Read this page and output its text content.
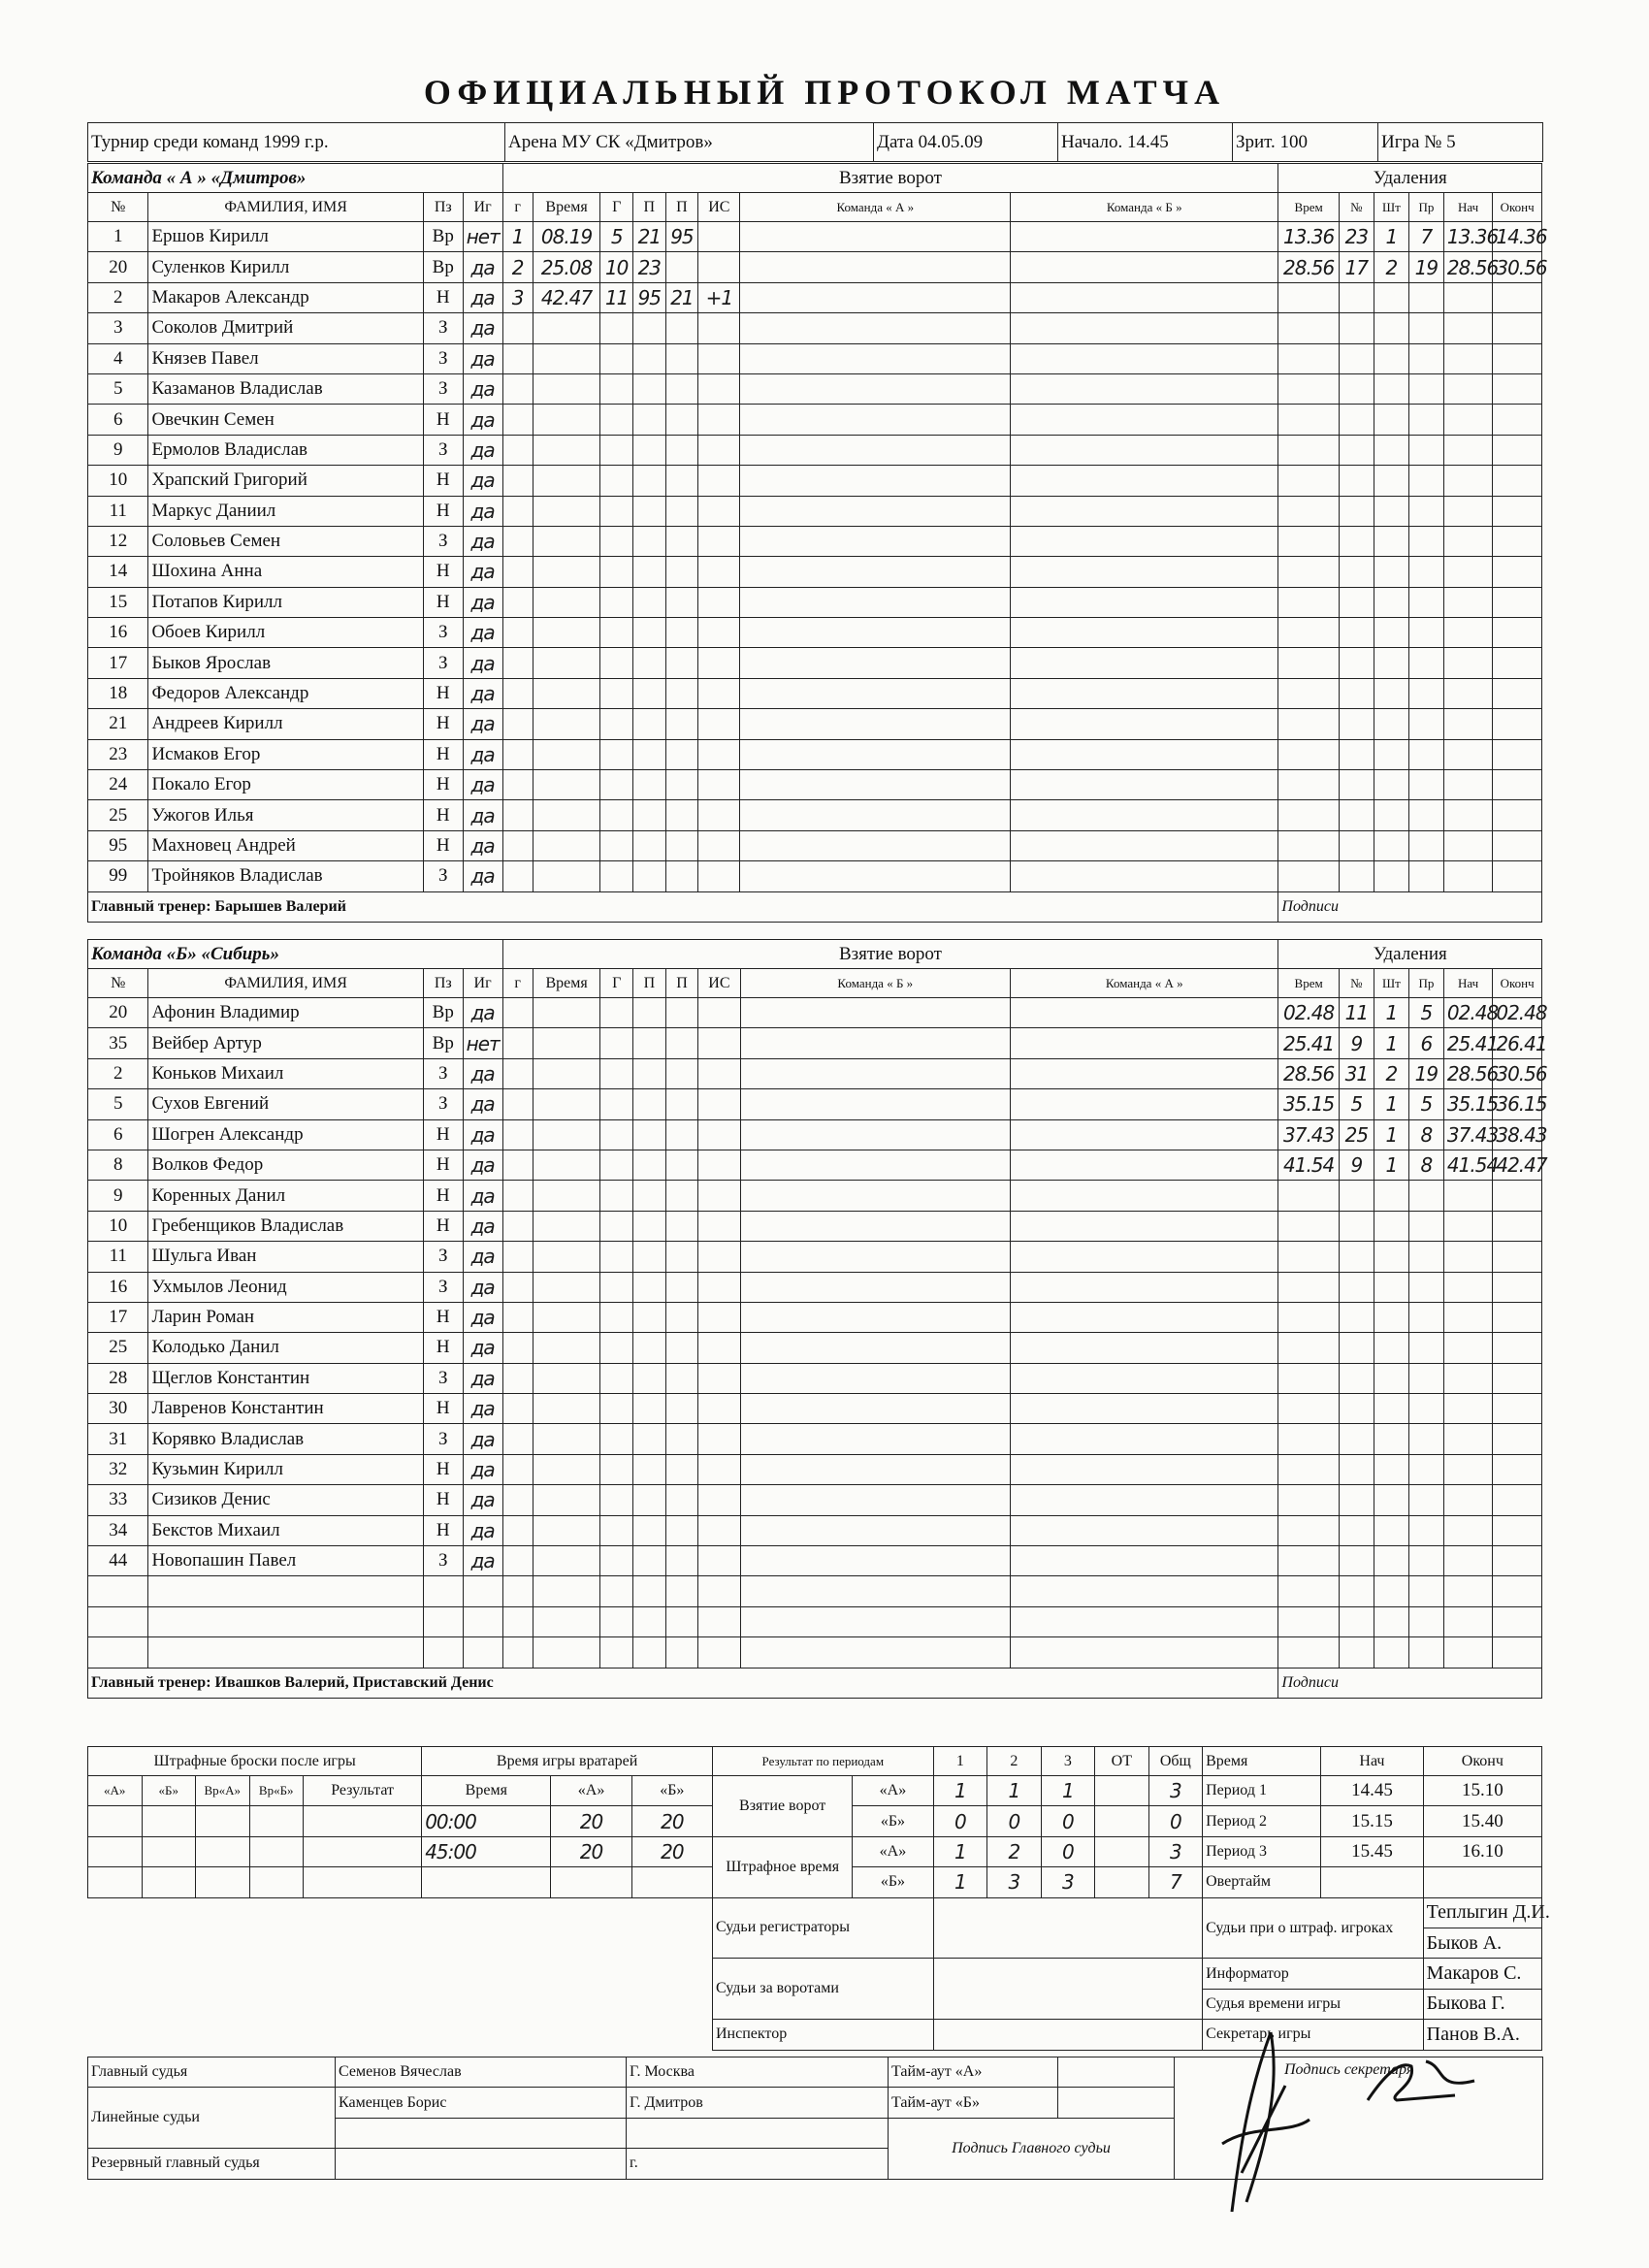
ОФИЦИАЛЬНЫЙ ПРОТОКОЛ МАТЧА
Команда « А » «Дмитров»				Взятие ворот								Удаления					
№	ФАМИЛИЯ, ИМЯ	Пз	Иг	г	Время	Г	П	П	ИС	Команда « А »	Команда « Б »	Врем	№	Шт	Пр	Нач	Оконч
1	Ершов Кирилл	Вр	нет	1	08.19	5	21	95				13.36	23	1	7	13.36	14.36
20	Суленков Кирилл	Вр	да	2	25.08	10	23					28.56	17	2	19	28.56	30.56
2	Макаров Александр	Н	да	3	42.47	11	95	21	+1								
3	Соколов Дмитрий	З	да														
4	Князев Павел	З	да														
5	Казаманов Владислав	З	да														
6	Овечкин Семен	Н	да														
9	Ермолов Владислав	З	да														
10	Храпский Григорий	Н	да														
11	Маркус Даниил	Н	да														
12	Соловьев Семен	З	да														
14	Шохина Анна	Н	да														
15	Потапов Кирилл	Н	да														
16	Обоев Кирилл	З	да														
17	Быков Ярослав	З	да														
18	Федоров Александр	Н	да														
21	Андреев Кирилл	Н	да														
23	Исмаков Егор	Н	да														
24	Покало Егор	Н	да														
25	Ужогов Илья	Н	да														
95	Махновец Андрей	Н	да														
99	Тройняков Владислав	З	да														
Главный тренер: Барышев Валерий												Подписи					
Команда «Б» «Сибирь»				Взятие ворот								Удаления					
№	ФАМИЛИЯ, ИМЯ	Пз	Иг	г	Время	Г	П	П	ИС	Команда « Б »	Команда « А »	Врем	№	Шт	Пр	Нач	Оконч
20	Афонин Владимир	Вр	да									02.48	11	1	5	02.48	02.48
35	Вейбер Артур	Вр	нет									25.41	9	1	6	25.41	26.41
2	Коньков Михаил	З	да									28.56	31	2	19	28.56	30.56
5	Сухов Евгений	З	да									35.15	5	1	5	35.15	36.15
6	Шогрен Александр	Н	да									37.43	25	1	8	37.43	38.43
8	Волков Федор	Н	да									41.54	9	1	8	41.54	42.47
9	Коренных Данил	Н	да														
10	Гребенщиков Владислав	Н	да														
11	Шульга Иван	З	да														
16	Ухмылов Леонид	З	да														
17	Ларин Роман	Н	да														
25	Колодько Данил	Н	да														
28	Щеглов Константин	З	да														
30	Лавренов Константин	Н	да														
31	Корявко Владислав	З	да														
32	Кузьмин Кирилл	Н	да														
33	Сизиков Денис	Н	да														
34	Бекстов Михаил	Н	да														
44	Новопашин Павел	З	да														

Главный тренер: Ивашков Валерий, Приставский Денис												Подписи					
Штрафные броски после игры					Время игры вратарей			Результат по периодам		1	2	3	ОТ	Общ	Время	Нач	Оконч
«А»	«Б»	Вр«А»	Вр«Б»	Результат	Время	«А»	«Б»	Взятие ворот	«А»	1	1	1		3	Период 1	14.45	15.10
					00:00	20	20		«Б»	0	0	0		0	Период 2	15.15	15.40
					45:00	20	20	Штрафное время	«А»	1	2	0		3	Период 3	15.45	16.10
									«Б»	1	3	3		7	Овертайм		
								Судьи регистраторы							Судьи при о штраф. игроках		Теплыгин Д.И.
																	Быков А.
								Судьи за воротами							Информатор		Макаров С.
															Судья времени игры		Быкова Г.
								Инспектор							Секретарь игры		Панов В.А.
Главный судья	Семенов Вячеслав	Г. Москва	Тайм-аут «А»		Подпись секретаря

Линейные судьи	Каменцев Борис	Г. Дмитров	Тайм-аут «Б»		

			Подпись Главного судьи		

Резервный главный судья		г.			
Турнир среди команд 1999 г.р.	Арена МУ СК «Дмитров»	Дата 04.05.09	Начало. 14.45	Зрит. 100	Игра № 5
